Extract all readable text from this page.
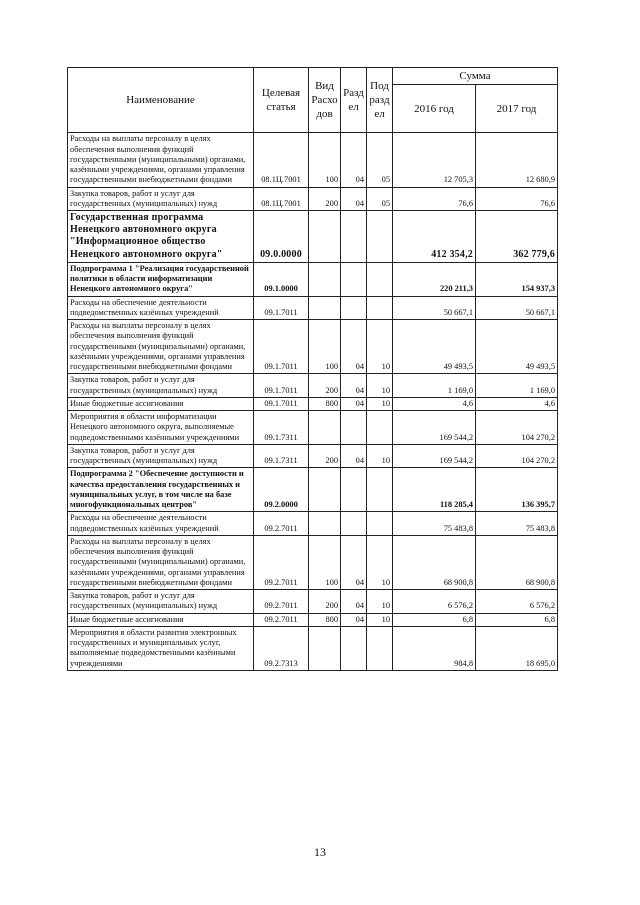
Наименование	Целевая статья	Вид Расхо дов	Разд ел	Под разд ел	Сумма	
					2016 год	2017 год
Расходы на выплаты персоналу в целях обеспечения выполнения функций государственными (муниципальными) органами, казёнными учреждениями, органами управления государственными внебюджетными фондами	08.1Ц.7001	100	04	05	12 705,3	12 680,9
Закупка товаров, работ и услуг для государственных (муниципальных) нужд	08.1Ц.7001	200	04	05	76,6	76,6
Государственная программа Ненецкого автономного округа "Информационное общество Ненецкого автономного округа"	09.0.0000				412 354,2	362 779,6
Подпрограмма 1 "Реализация государственной политики в области информатизации Ненецкого автономного округа"	09.1.0000				220 211,3	154 937,3
Расходы на обеспечение деятельности подведомственных казённых учреждений	09.1.7011				50 667,1	50 667,1
Расходы на выплаты персоналу в целях обеспечения выполнения функций государственными (муниципальными) органами, казёнными учреждениями, органами управления государственными внебюджетными фондами	09.1.7011	100	04	10	49 493,5	49 493,5
Закупка товаров, работ и услуг для государственных (муниципальных) нужд	09.1.7011	200	04	10	1 169,0	1 169,0
Иные бюджетные ассигнования	09.1.7011	800	04	10	4,6	4,6
Мероприятия в области информатизации Ненецкого автономного округа, выполняемые подведомственными казёнными учреждениями	09.1.7311				169 544,2	104 270,2
Закупка товаров, работ и услуг для государственных (муниципальных) нужд	09.1.7311	200	04	10	169 544,2	104 270,2
Подпрограмма 2 "Обеспечение доступности и качества предоставления государственных и муниципальных услуг, в том числе на базе многофункциональных центров"	09.2.0000				118 285,4	136 395,7
Расходы на обеспечение деятельности подведомственных казённых учреждений	09.2.7011				75 483,8	75 483,8
Расходы на выплаты персоналу в целях обеспечения выполнения функций государственными (муниципальными) органами, казёнными учреждениями, органами управления государственными внебюджетными фондами	09.2.7011	100	04	10	68 900,8	68 900,8
Закупка товаров, работ и услуг для государственных (муниципальных) нужд	09.2.7011	200	04	10	6 576,2	6 576,2
Иные бюджетные ассигнования	09.2.7011	800	04	10	6,8	6,8
Мероприятия в области развития электронных государственных и муниципальных услуг, выполняемые подведомственными казёнными учреждениями	09.2.7313				984,8	18 695,0
13
